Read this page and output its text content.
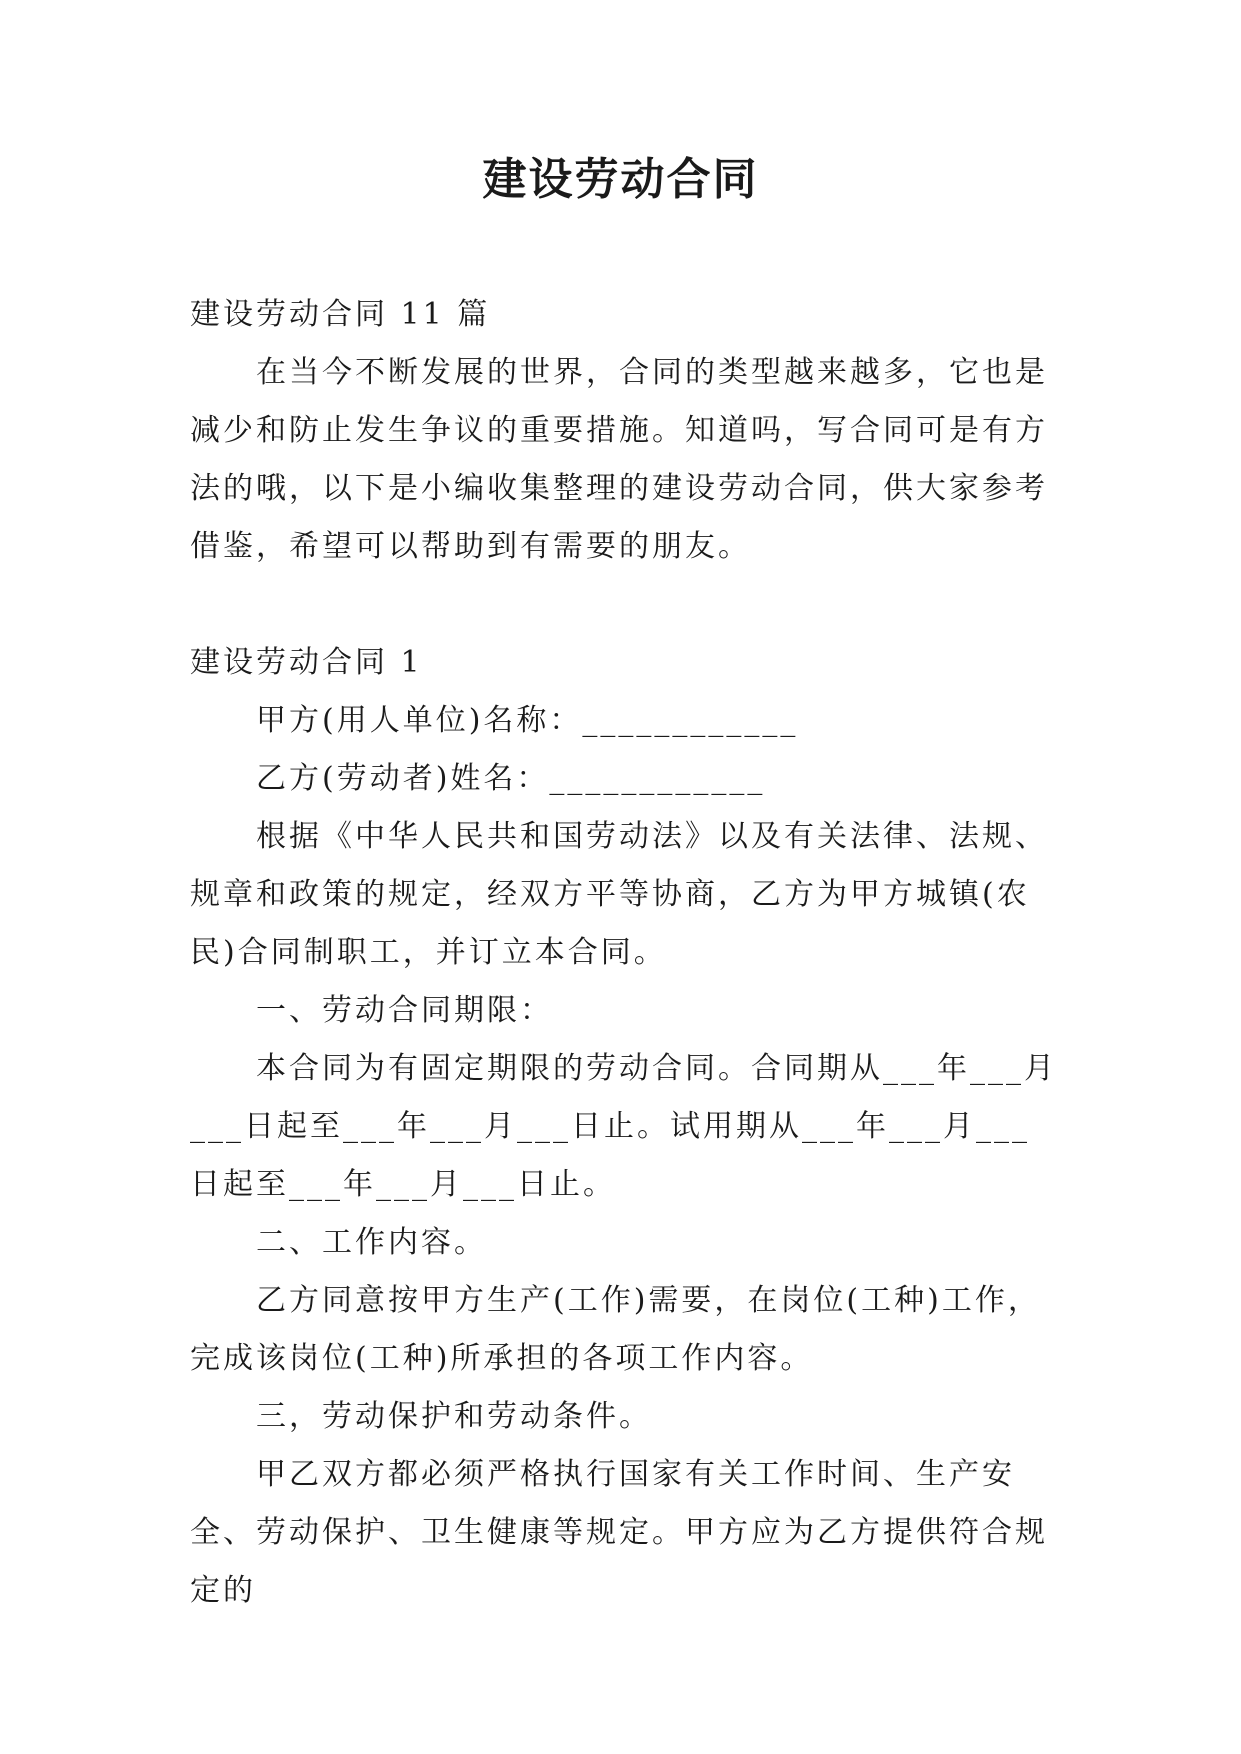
建设劳动合同

建设劳动合同 11 篇

在当今不断发展的世界，合同的类型越来越多，它也是减少和防止发生争议的重要措施。知道吗，写合同可是有方法的哦，以下是小编收集整理的建设劳动合同，供大家参考借鉴，希望可以帮助到有需要的朋友。

建设劳动合同 1

甲方(用人单位)名称：____________

乙方(劳动者)姓名：____________

根据《中华人民共和国劳动法》以及有关法律、法规、规章和政策的规定，经双方平等协商，乙方为甲方城镇(农民)合同制职工，并订立本合同。

一、劳动合同期限：

本合同为有固定期限的劳动合同。合同期从___年___月___日起至___年___月___日止。试用期从___年___月___日起至___年___月___日止。

二、工作内容。

乙方同意按甲方生产(工作)需要，在岗位(工种)工作，完成该岗位(工种)所承担的各项工作内容。

三，劳动保护和劳动条件。

甲乙双方都必须严格执行国家有关工作时间、生产安全、劳动保护、卫生健康等规定。甲方应为乙方提供符合规定的
